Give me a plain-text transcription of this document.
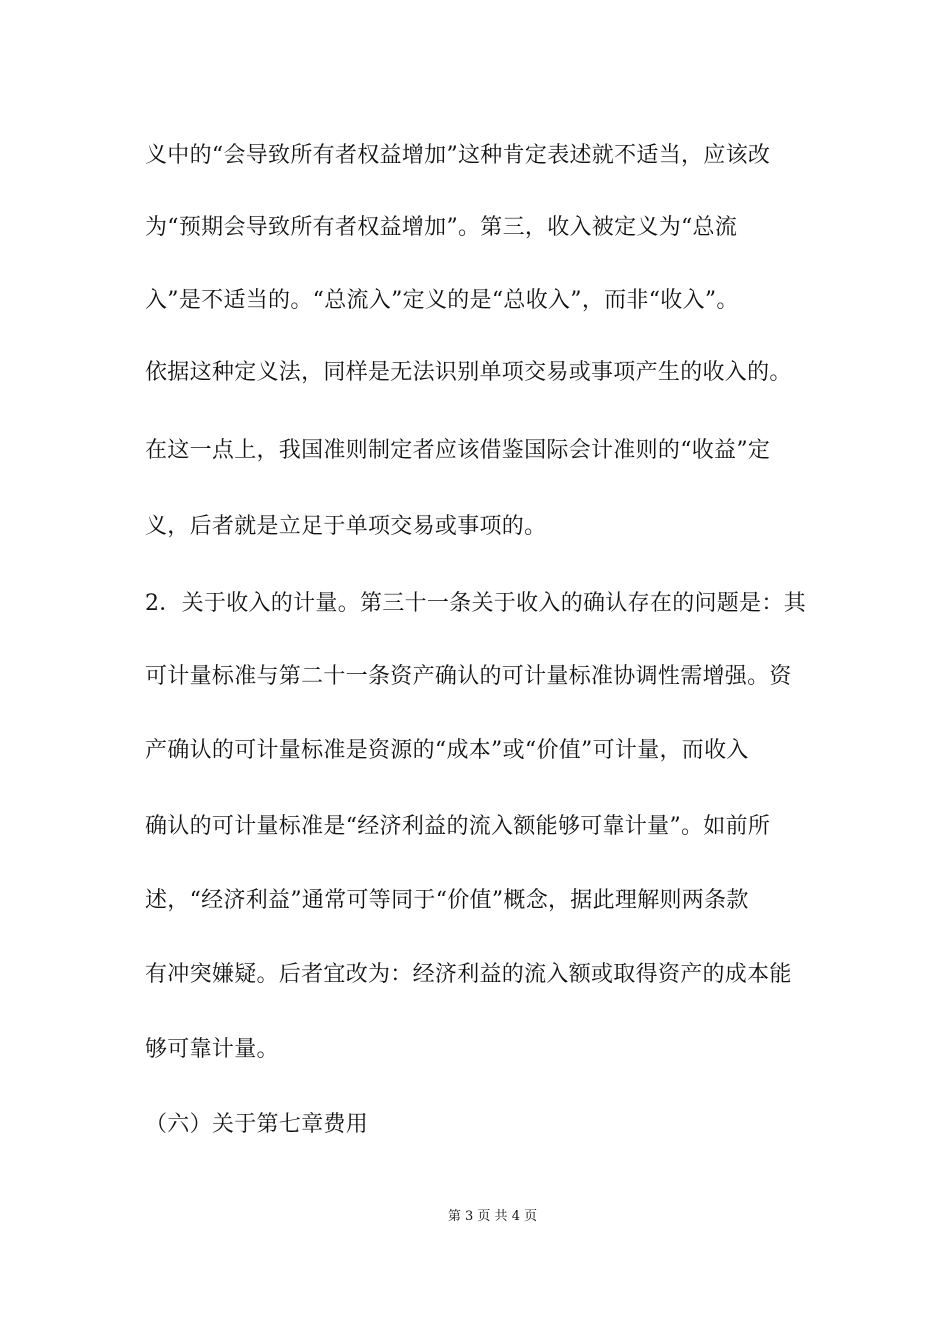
义中的“会导致所有者权益增加”这种肯定表述就不适当，应该改
为“预期会导致所有者权益增加”。第三，收入被定义为“总流
入”是不适当的。“总流入”定义的是“总收入”，而非“收入”。
依据这种定义法，同样是无法识别单项交易或事项产生的收入的。
在这一点上，我国准则制定者应该借鉴国际会计准则的“收益”定
义，后者就是立足于单项交易或事项的。
2．关于收入的计量。第三十一条关于收入的确认存在的问题是：其
可计量标准与第二十一条资产确认的可计量标准协调性需增强。资
产确认的可计量标准是资源的“成本”或“价值”可计量，而收入
确认的可计量标准是“经济利益的流入额能够可靠计量”。如前所
述，“经济利益”通常可等同于“价值”概念，据此理解则两条款
有冲突嫌疑。后者宜改为：经济利益的流入额或取得资产的成本能
够可靠计量。
（六）关于第七章费用
第 3 页 共 4 页
